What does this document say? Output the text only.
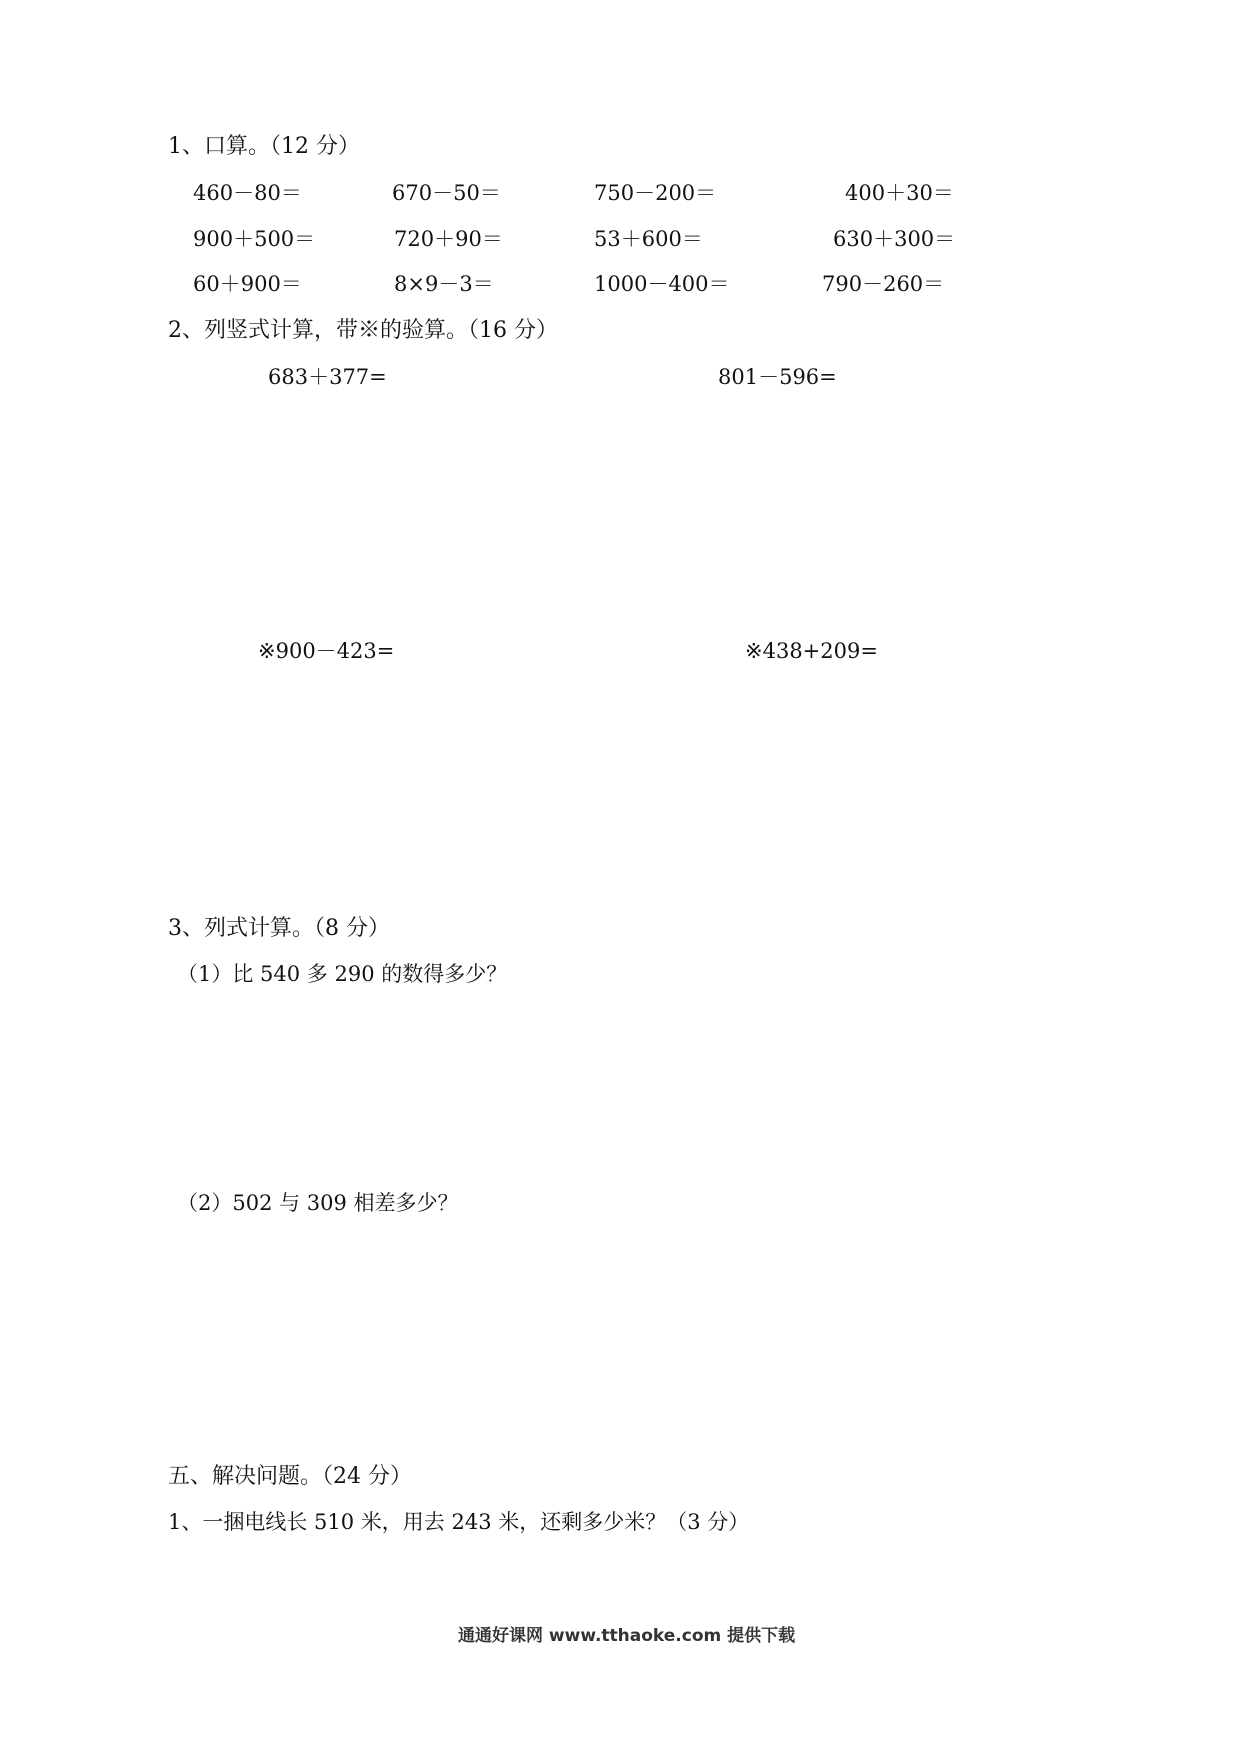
1、口算。（12 分）
460－80＝	670－50＝	750－200＝	400＋30＝
900＋500＝	720＋90＝	53＋600＝	630＋300＝
60＋900＝	8×9－3＝	1000－400＝	790－260＝
2、列竖式计算，带※的验算。（16 分）
683＋377=	801－596=
※900－423=	※438+209=
3、列式计算。（8 分）
（1）比 540 多 290 的数得多少？
（2）502 与 309 相差多少？
五、解决问题。（24 分）
1、一捆电线长 510 米，用去 243 米，还剩多少米？（3 分）
通通好课网 www.tthaoke.com 提供下载
